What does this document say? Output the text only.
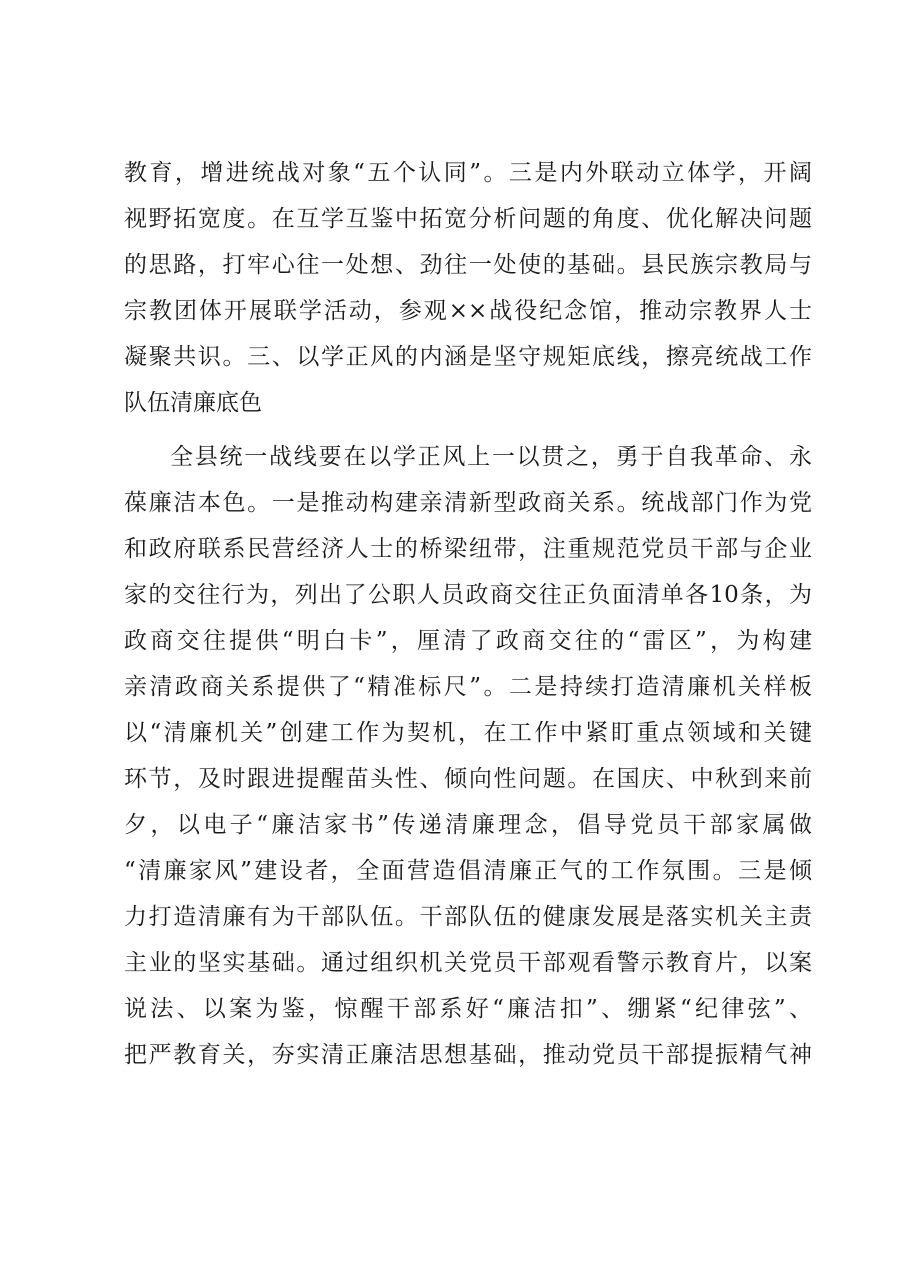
教育，增进统战对象“五个认同”。三是内外联动立体学，开阔
视野拓宽度。在互学互鉴中拓宽分析问题的角度、优化解决问题
的思路，打牢心往一处想、劲往一处使的基础。县民族宗教局与
宗教团体开展联学活动，参观××战役纪念馆，推动宗教界人士
凝聚共识。三、以学正风的内涵是坚守规矩底线，擦亮统战工作
队伍清廉底色
全县统一战线要在以学正风上一以贯之，勇于自我革命、永
葆廉洁本色。一是推动构建亲清新型政商关系。统战部门作为党
和政府联系民营经济人士的桥梁纽带，注重规范党员干部与企业
家的交往行为，列出了公职人员政商交往正负面清单各10条，为
政商交往提供“明白卡”，厘清了政商交往的“雷区”，为构建
亲清政商关系提供了“精准标尺”。二是持续打造清廉机关样板
以“清廉机关”创建工作为契机，在工作中紧盯重点领域和关键
环节，及时跟进提醒苗头性、倾向性问题。在国庆、中秋到来前
夕，以电子“廉洁家书”传递清廉理念，倡导党员干部家属做
“清廉家风”建设者，全面营造倡清廉正气的工作氛围。三是倾
力打造清廉有为干部队伍。干部队伍的健康发展是落实机关主责
主业的坚实基础。通过组织机关党员干部观看警示教育片，以案
说法、以案为鉴，惊醒干部系好“廉洁扣”、绷紧“纪律弦”、
把严教育关，夯实清正廉洁思想基础，推动党员干部提振精气神
